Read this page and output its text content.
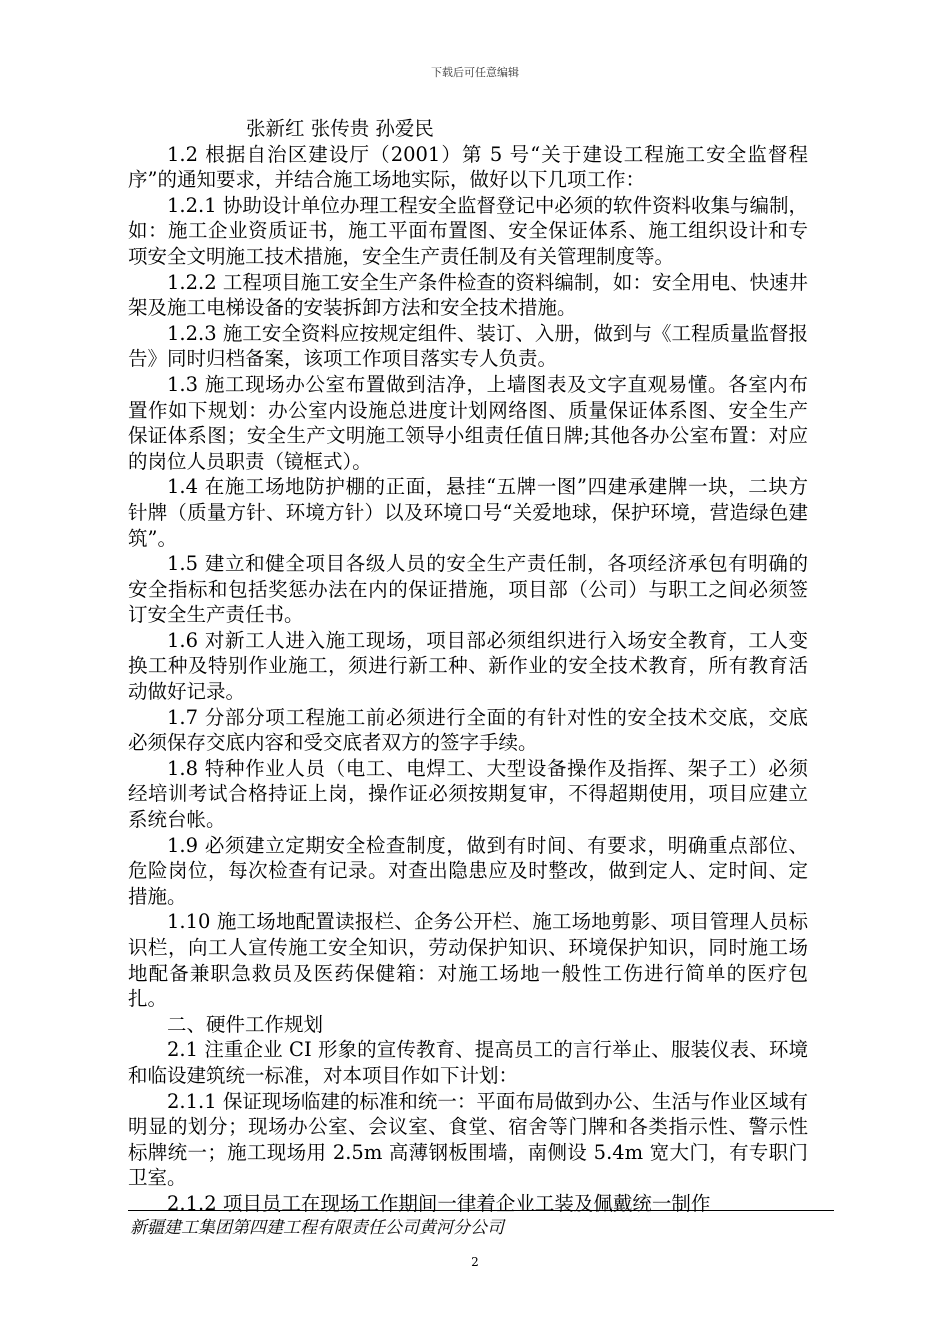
下载后可任意编辑

张新红 张传贵 孙爱民

1.2 根据自治区建设厅（2001）第 5 号“关于建设工程施工安全监督程序”的通知要求，并结合施工场地实际，做好以下几项工作：

1.2.1 协助设计单位办理工程安全监督登记中必须的软件资料收集与编制，如：施工企业资质证书，施工平面布置图、安全保证体系、施工组织设计和专项安全文明施工技术措施，安全生产责任制及有关管理制度等。

1.2.2 工程项目施工安全生产条件检查的资料编制，如：安全用电、快速井架及施工电梯设备的安装拆卸方法和安全技术措施。

1.2.3 施工安全资料应按规定组件、装订、入册，做到与《工程质量监督报告》同时归档备案，该项工作项目落实专人负责。

1.3 施工现场办公室布置做到洁净，上墙图表及文字直观易懂。各室内布置作如下规划：办公室内设施总进度计划网络图、质量保证体系图、安全生产保证体系图；安全生产文明施工领导小组责任值日牌;其他各办公室布置：对应的岗位人员职责（镜框式）。

1.4 在施工场地防护棚的正面，悬挂“五牌一图”四建承建牌一块，二块方针牌（质量方针、环境方针）以及环境口号“关爱地球，保护环境，营造绿色建筑”。

1.5 建立和健全项目各级人员的安全生产责任制，各项经济承包有明确的安全指标和包括奖惩办法在内的保证措施，项目部（公司）与职工之间必须签订安全生产责任书。

1.6 对新工人进入施工现场，项目部必须组织进行入场安全教育，工人变换工种及特别作业施工，须进行新工种、新作业的安全技术教育，所有教育活动做好记录。

1.7 分部分项工程施工前必须进行全面的有针对性的安全技术交底，交底必须保存交底内容和受交底者双方的签字手续。

1.8 特种作业人员（电工、电焊工、大型设备操作及指挥、架子工）必须经培训考试合格持证上岗，操作证必须按期复审，不得超期使用，项目应建立系统台帐。

1.9 必须建立定期安全检查制度，做到有时间、有要求，明确重点部位、危险岗位，每次检查有记录。对查出隐患应及时整改，做到定人、定时间、定措施。

1.10 施工场地配置读报栏、企务公开栏、施工场地剪影、项目管理人员标识栏，向工人宣传施工安全知识，劳动保护知识、环境保护知识，同时施工场地配备兼职急救员及医药保健箱：对施工场地一般性工伤进行简单的医疗包扎。

二、硬件工作规划

2.1 注重企业 CI 形象的宣传教育、提高员工的言行举止、服装仪表、环境和临设建筑统一标准，对本项目作如下计划：

2.1.1 保证现场临建的标准和统一：平面布局做到办公、生活与作业区域有明显的划分；现场办公室、会议室、食堂、宿舍等门牌和各类指示性、警示性标牌统一；施工现场用 2.5m 高薄钢板围墙，南侧设 5.4m 宽大门，有专职门卫室。

2.1.2 项目员工在现场工作期间一律着企业工装及佩戴统一制作

新疆建工集团第四建工程有限责任公司黄河分公司
2
